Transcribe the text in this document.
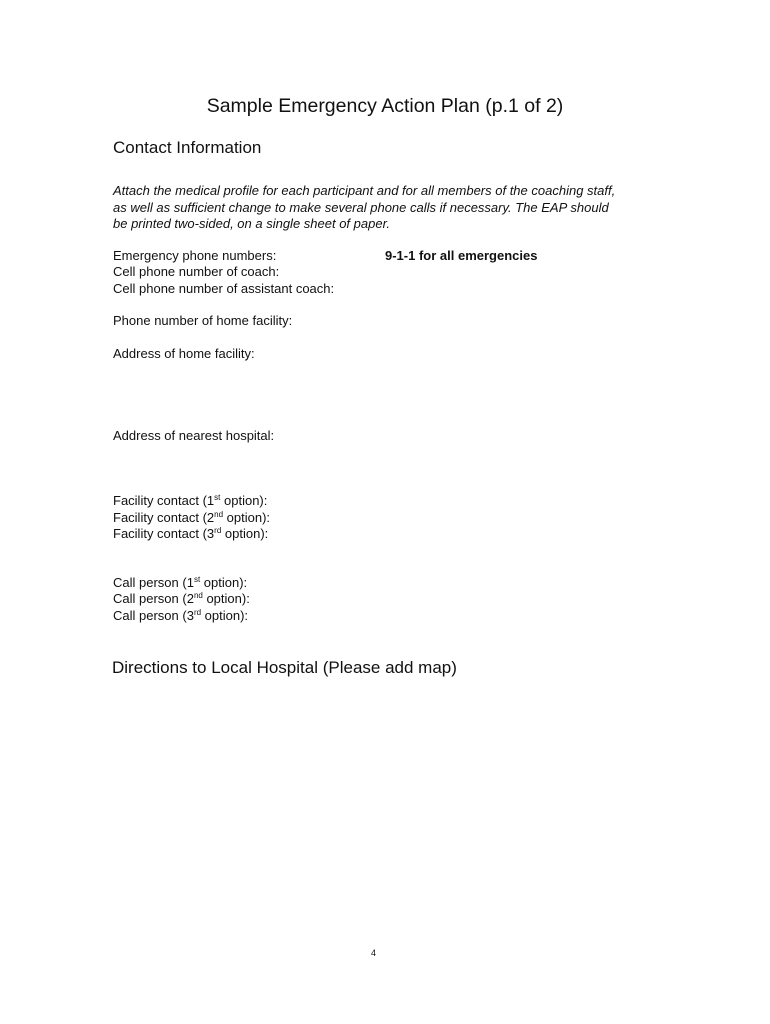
Sample Emergency Action Plan (p.1 of 2)
Contact Information
Attach the medical profile for each participant and for all members of the coaching staff,
as well as sufficient change to make several phone calls if necessary. The EAP should
be printed two-sided, on a single sheet of paper.
Emergency phone numbers:	9-1-1 for all emergencies
Cell phone number of coach:
Cell phone number of assistant coach:
Phone number of home facility:
Address of home facility:
Address of nearest hospital:
Facility contact (1st option):
Facility contact (2nd option):
Facility contact (3rd option):
Call person (1st option):
Call person (2nd option):
Call person (3rd option):
Directions to Local Hospital (Please add map)
4
